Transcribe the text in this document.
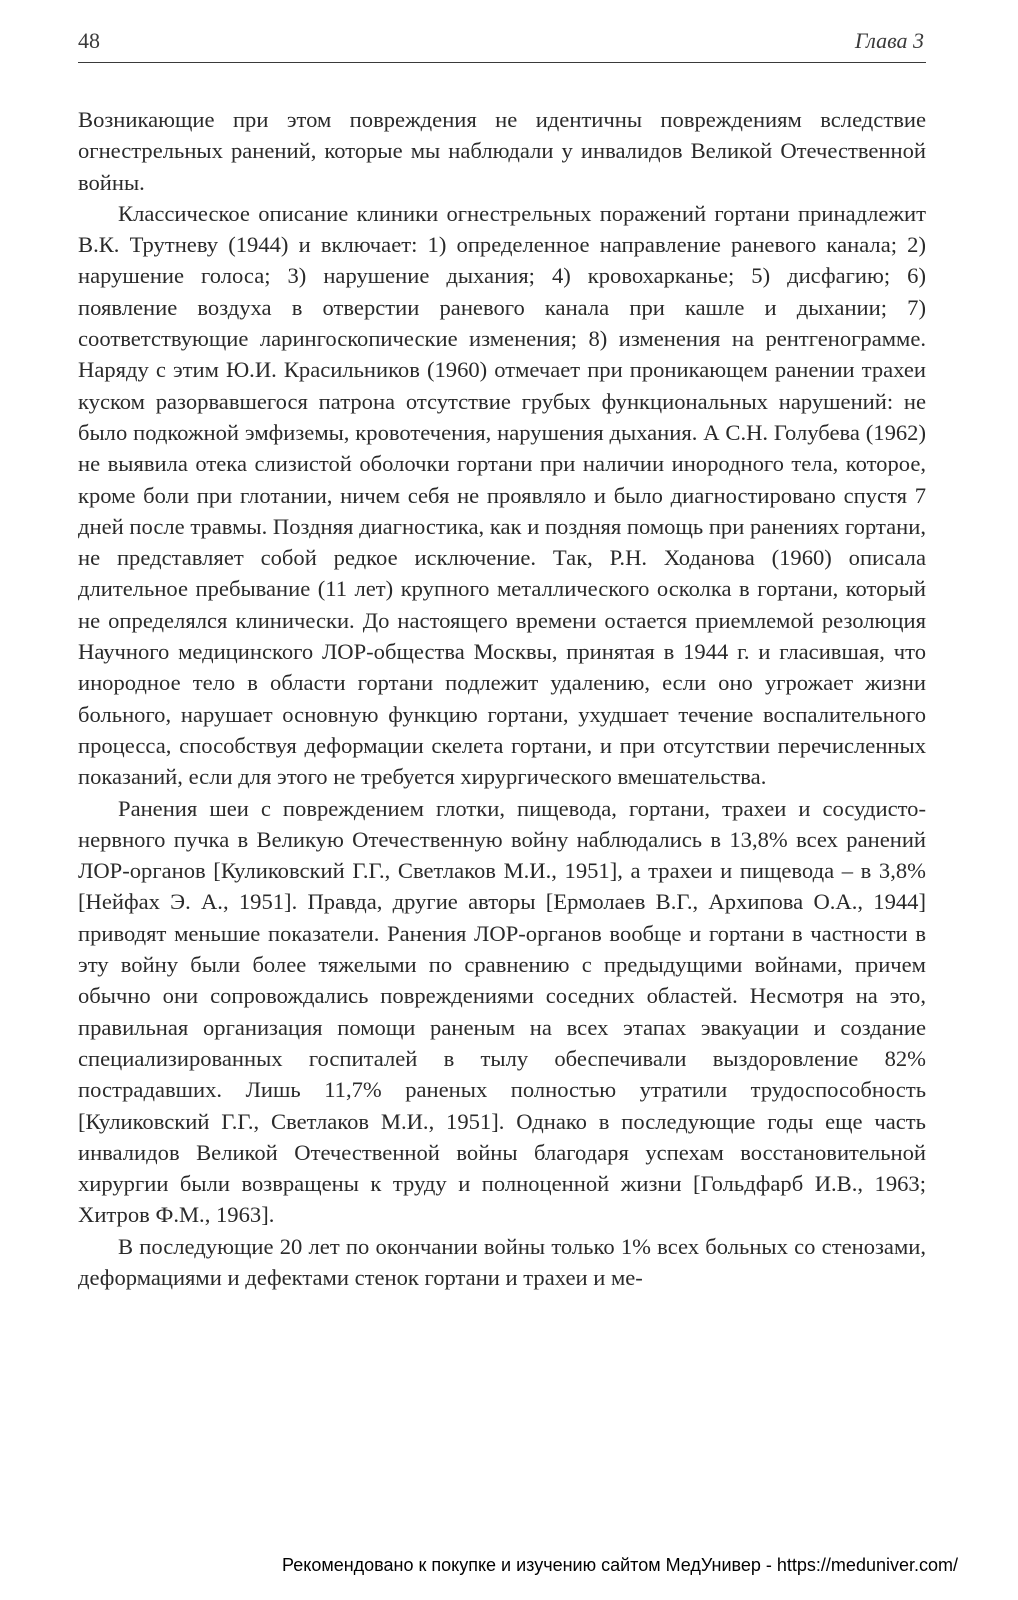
48	Глава 3

Возникающие при этом повреждения не идентичны повреждениям вследствие огнестрельных ранений, которые мы наблюдали у инвалидов Великой Отечественной войны.

Классическое описание клиники огнестрельных поражений гортани принадлежит В.К. Трутневу (1944) и включает: 1) определенное направление раневого канала; 2) нарушение голоса; 3) нарушение дыхания; 4) кровохарканье; 5) дисфагию; 6) появление воздуха в отверстии раневого канала при кашле и дыхании; 7) соответствующие ларингоскопические изменения; 8) изменения на рентгенограмме. Наряду с этим Ю.И. Красильников (1960) отмечает при проникающем ранении трахеи куском разорвавшегося патрона отсутствие грубых функциональных нарушений: не было подкожной эмфиземы, кровотечения, нарушения дыхания. А С.Н. Голубева (1962) не выявила отека слизистой оболочки гортани при наличии инородного тела, которое, кроме боли при глотании, ничем себя не проявляло и было диагностировано спустя 7 дней после травмы. Поздняя диагностика, как и поздняя помощь при ранениях гортани, не представляет собой редкое исключение. Так, Р.Н. Ходанова (1960) описала длительное пребывание (11 лет) крупного металлического осколка в гортани, который не определялся клинически. До настоящего времени остается приемлемой резолюция Научного медицинского ЛОР-общества Москвы, принятая в 1944 г. и гласившая, что инородное тело в области гортани подлежит удалению, если оно угрожает жизни больного, нарушает основную функцию гортани, ухудшает течение воспалительного процесса, способствуя деформации скелета гортани, и при отсутствии перечисленных показаний, если для этого не требуется хирургического вмешательства.

Ранения шеи с повреждением глотки, пищевода, гортани, трахеи и сосудисто-нервного пучка в Великую Отечественную войну наблюдались в 13,8% всех ранений ЛОР-органов [Куликовский Г.Г., Светлаков М.И., 1951], а трахеи и пищевода – в 3,8% [Нейфах Э. А., 1951]. Правда, другие авторы [Ермолаев В.Г., Архипова О.А., 1944] приводят меньшие показатели. Ранения ЛОР-органов вообще и гортани в частности в эту войну были более тяжелыми по сравнению с предыдущими войнами, причем обычно они сопровождались повреждениями соседних областей. Несмотря на это, правильная организация помощи раненым на всех этапах эвакуации и создание специализированных госпиталей в тылу обеспечивали выздоровление 82% пострадавших. Лишь 11,7% раненых полностью утратили трудоспособность [Куликовский Г.Г., Светлаков М.И., 1951]. Однако в последующие годы еще часть инвалидов Великой Отечественной войны благодаря успехам восстановительной хирургии были возвращены к труду и полноценной жизни [Гольдфарб И.В., 1963; Хитров Ф.М., 1963].

В последующие 20 лет по окончании войны только 1% всех больных со стенозами, деформациями и дефектами стенок гортани и трахеи и ме-

Рекомендовано к покупке и изучению сайтом МедУнивер - https://meduniver.com/
